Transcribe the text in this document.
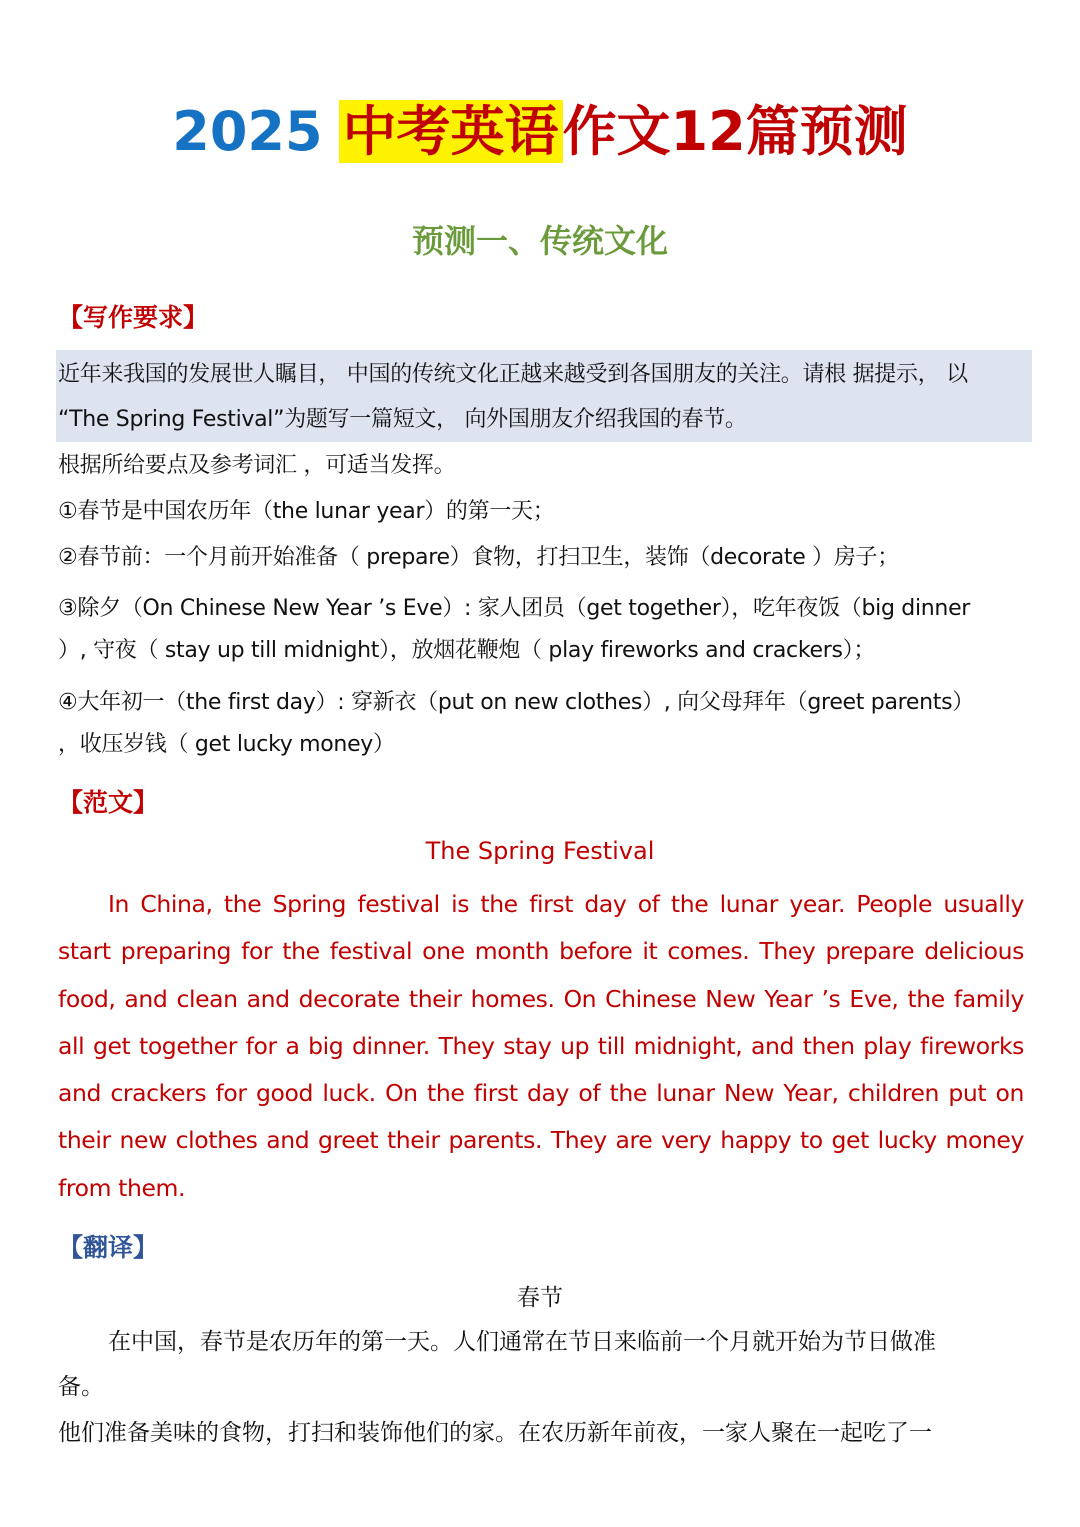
2025 中考英语作文12篇预测
预测一、传统文化
【写作要求】
近年来我国的发展世人瞩目， 中国的传统文化正越来越受到各国朋友的关注。请根 据提示， 以
“The Spring Festival”为题写一篇短文， 向外国朋友介绍我国的春节。
根据所给要点及参考词汇 ，可适当发挥。
①春节是中国农历年（the lunar year）的第一天；
②春节前：一个月前开始准备（ prepare）食物，打扫卫生，装饰（decorate ）房子；
③除夕（On Chinese New Year ’s Eve）: 家人团员（get together），吃年夜饭（big dinner
）, 守夜（ stay up till midnight），放烟花鞭炮（ play fireworks and crackers）；
④大年初一（the first day）: 穿新衣（put on new clothes）, 向父母拜年（greet parents）
，收压岁钱（ get lucky money）
【范文】
The Spring Festival
In China, the Spring festival is the first day of the lunar year. People usually start preparing for the festival one month before it comes. They prepare delicious food, and clean and decorate their homes. On Chinese New Year ’s Eve, the family all get together for a big dinner. They stay up till midnight, and then play fireworks and crackers for good luck. On the first day of the lunar New Year, children put on their new clothes and greet their parents. They are very happy to get lucky money from them.
【翻译】
春节
在中国，春节是农历年的第一天。人们通常在节日来临前一个月就开始为节日做准
备。
他们准备美味的食物，打扫和装饰他们的家。在农历新年前夜，一家人聚在一起吃了一
